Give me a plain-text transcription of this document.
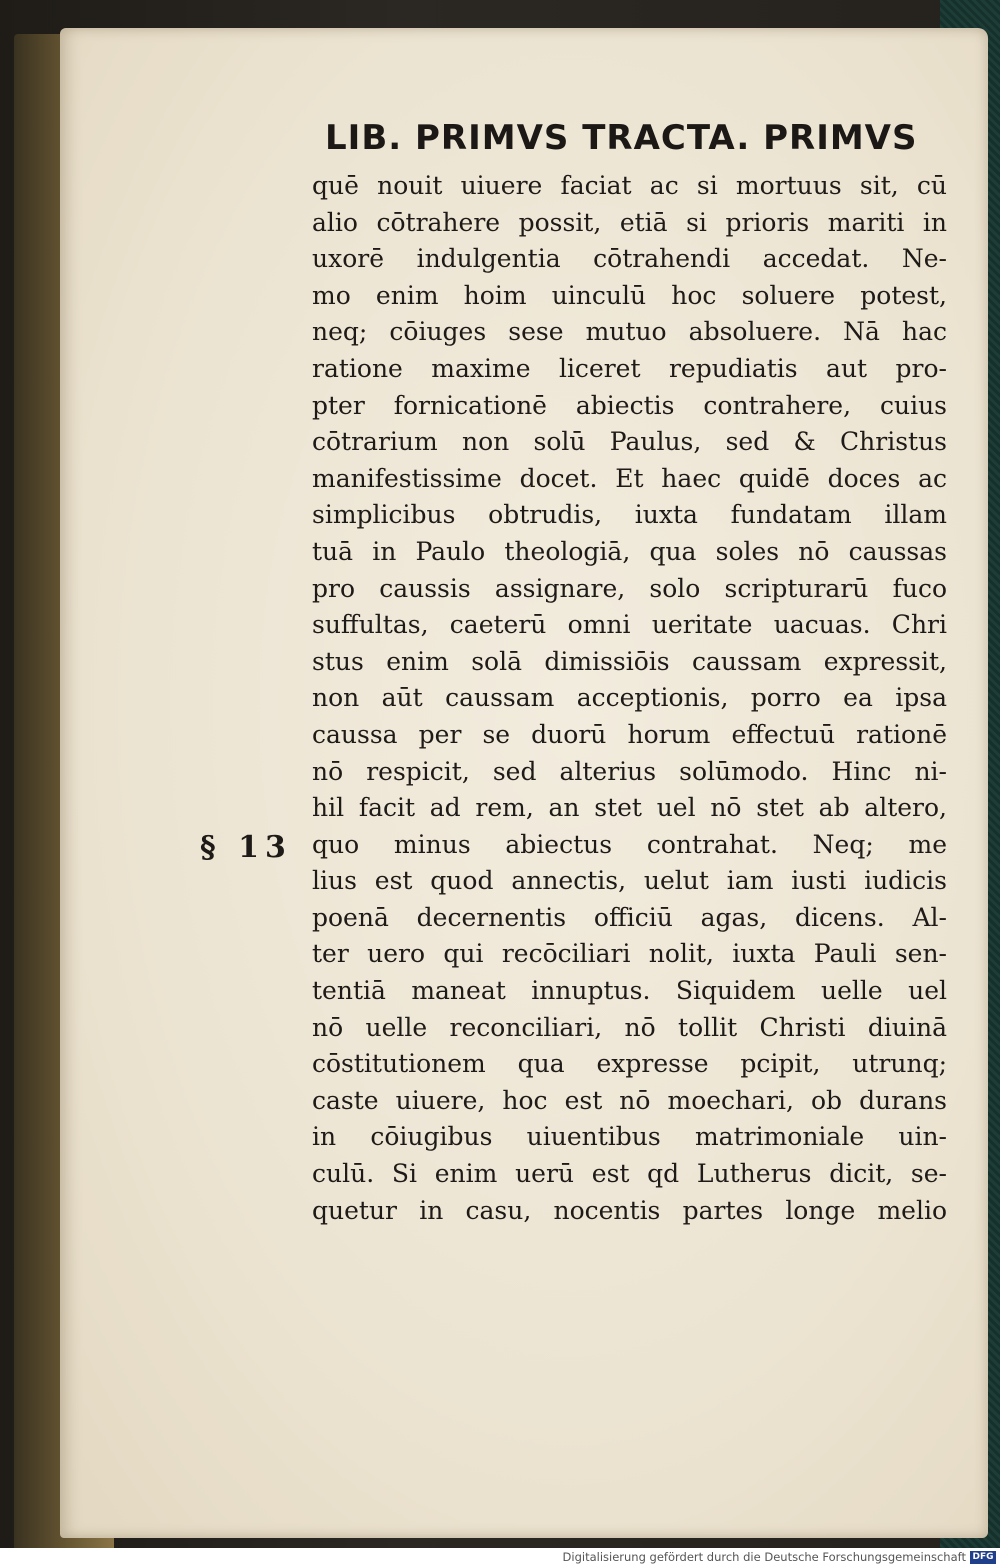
LIB. PRIMVS TRACTA. PRIMVS
§ 13
quē nouit uiuere faciat ac si mortuus sit, cū
alio cōtrahere possit, etiā si prioris mariti in
uxorē indulgentia cōtrahendi accedat. Ne-
mo enim hoim uinculū hoc soluere potest,
neq; cōiuges sese mutuo absoluere. Nā hac
ratione maxime liceret repudiatis aut pro-
pter fornicationē abiectis contrahere, cuius
cōtrarium non solū Paulus, sed & Christus
manifestissime docet. Et haec quidē doces ac
simplicibus obtrudis, iuxta fundatam illam
tuā in Paulo theologiā, qua soles nō caussas
pro caussis assignare, solo scripturarū fuco
suffultas, caeterū omni ueritate uacuas. Chri
stus enim solā dimissiōis caussam expressit,
non aūt caussam acceptionis, porro ea ipsa
caussa per se duorū horum effectuū rationē
nō respicit, sed alterius solūmodo. Hinc ni-
hil facit ad rem, an stet uel nō stet ab altero,
quo minus abiectus contrahat. Neq; me
lius est quod annectis, uelut iam iusti iudicis
poenā decernentis officiū agas, dicens. Al-
ter uero qui recōciliari nolit, iuxta Pauli sen-
tentiā maneat innuptus. Siquidem uelle uel
nō uelle reconciliari, nō tollit Christi diuinā
cōstitutionem qua expresse pcipit, utrunq;
caste uiuere, hoc est nō moechari, ob durans
in cōiugibus uiuentibus matrimoniale uin-
culū. Si enim uerū est qd Lutherus dicit, se-
quetur in casu, nocentis partes longe melio
Digitalisierung gefördert durch die Deutsche Forschungsgemeinschaft DFG
